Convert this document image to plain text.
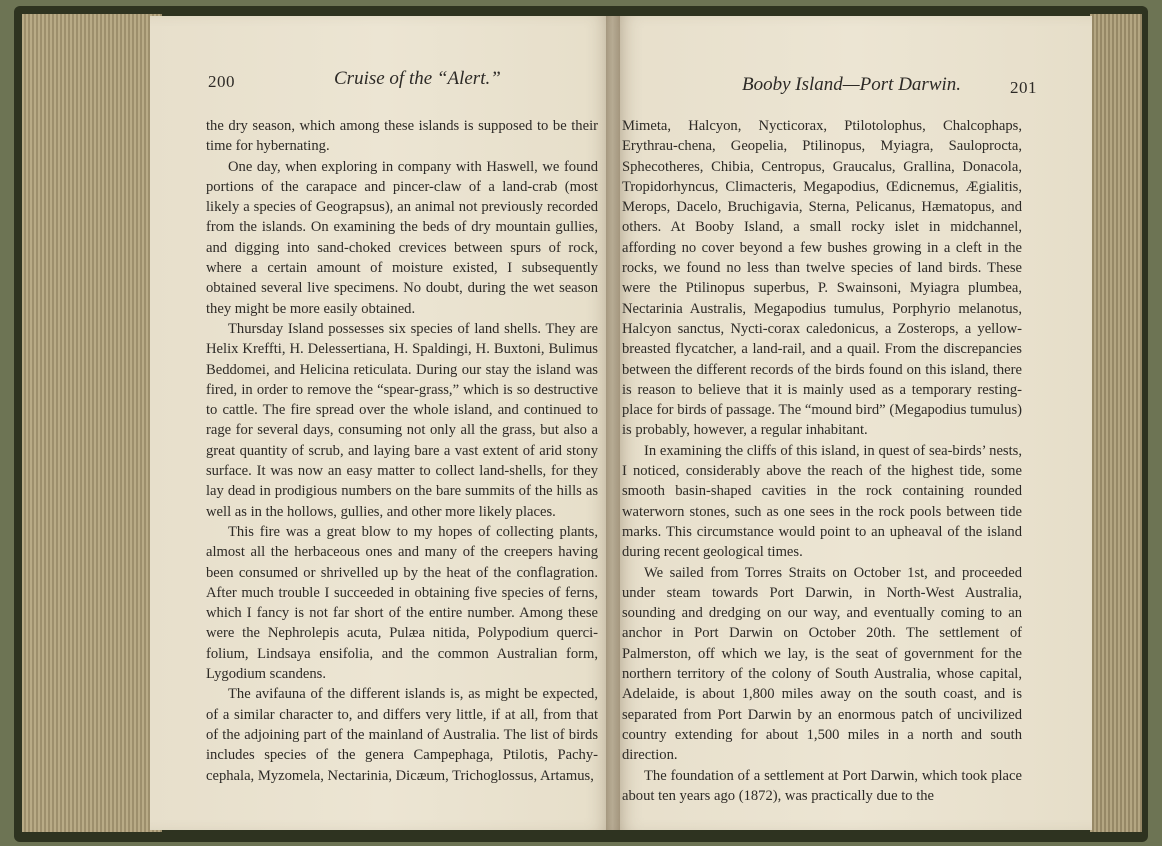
200	Cruise of the “Alert.”

the dry season, which among these islands is supposed to be their time for hybernating.

One day, when exploring in company with Haswell, we found portions of the carapace and pincer-claw of a land-crab (most likely a species of Geograpsus), an animal not previously recorded from the islands. On examining the beds of dry mountain gullies, and digging into sand-choked crevices between spurs of rock, where a certain amount of moisture existed, I subsequently obtained several live specimens. No doubt, during the wet season they might be more easily obtained.

Thursday Island possesses six species of land shells. They are Helix Kreffti, H. Delessertiana, H. Spaldingi, H. Buxtoni, Bulimus Beddomei, and Helicina reticulata. During our stay the island was fired, in order to remove the “spear-grass,” which is so destructive to cattle. The fire spread over the whole island, and continued to rage for several days, consuming not only all the grass, but also a great quantity of scrub, and laying bare a vast extent of arid stony surface. It was now an easy matter to collect land-shells, for they lay dead in prodigious numbers on the bare summits of the hills as well as in the hollows, gullies, and other more likely places.

This fire was a great blow to my hopes of collecting plants, almost all the herbaceous ones and many of the creepers having been consumed or shrivelled up by the heat of the conflagration. After much trouble I succeeded in obtaining five species of ferns, which I fancy is not far short of the entire number. Among these were the Nephrolepis acuta, Pulæa nitida, Polypodium querci-folium, Lindsaya ensifolia, and the common Australian form, Lygodium scandens.

The avifauna of the different islands is, as might be expected, of a similar character to, and differs very little, if at all, from that of the adjoining part of the mainland of Australia. The list of birds includes species of the genera Campephaga, Ptilotis, Pachy-cephala, Myzomela, Nectarinia, Dicæum, Trichoglossus, Artamus,

Booby Island—Port Darwin.	201

Mimeta, Halcyon, Nycticorax, Ptilotolophus, Chalcophaps, Erythrau-chena, Geopelia, Ptilinopus, Myiagra, Sauloprocta, Sphecotheres, Chibia, Centropus, Graucalus, Grallina, Donacola, Tropidorhyncus, Climacteris, Megapodius, Œdicnemus, Ægialitis, Merops, Dacelo, Bruchigavia, Sterna, Pelicanus, Hæmatopus, and others. At Booby Island, a small rocky islet in midchannel, affording no cover beyond a few bushes growing in a cleft in the rocks, we found no less than twelve species of land birds. These were the Ptilinopus superbus, P. Swainsoni, Myiagra plumbea, Nectarinia Australis, Megapodius tumulus, Porphyrio melanotus, Halcyon sanctus, Nycti-corax caledonicus, a Zosterops, a yellow-breasted flycatcher, a land-rail, and a quail. From the discrepancies between the different records of the birds found on this island, there is reason to believe that it is mainly used as a temporary resting-place for birds of passage. The “mound bird” (Megapodius tumulus) is probably, however, a regular inhabitant.

In examining the cliffs of this island, in quest of sea-birds’ nests, I noticed, considerably above the reach of the highest tide, some smooth basin-shaped cavities in the rock containing rounded waterworn stones, such as one sees in the rock pools between tide marks. This circumstance would point to an upheaval of the island during recent geological times.

We sailed from Torres Straits on October 1st, and proceeded under steam towards Port Darwin, in North-West Australia, sounding and dredging on our way, and eventually coming to an anchor in Port Darwin on October 20th. The settlement of Palmerston, off which we lay, is the seat of government for the northern territory of the colony of South Australia, whose capital, Adelaide, is about 1,800 miles away on the south coast, and is separated from Port Darwin by an enormous patch of uncivilized country extending for about 1,500 miles in a north and south direction.

The foundation of a settlement at Port Darwin, which took place about ten years ago (1872), was practically due to the
